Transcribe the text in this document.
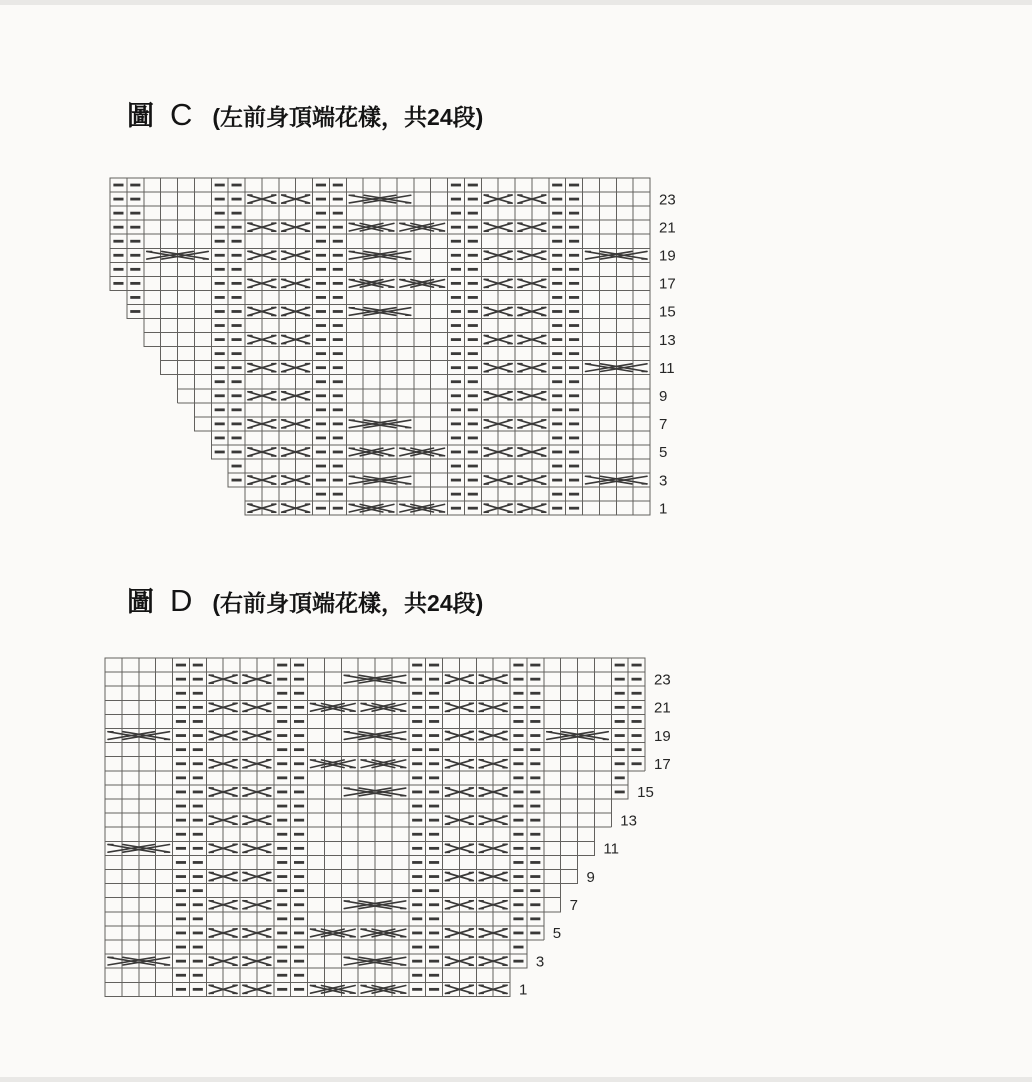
圖 C (左前身頂端花樣，共24段)
23
21
19
17
15
13
11
9
7
5
3
1
圖 D (右前身頂端花樣，共24段)
23
21
19
17
15
13
11
9
7
5
3
1
